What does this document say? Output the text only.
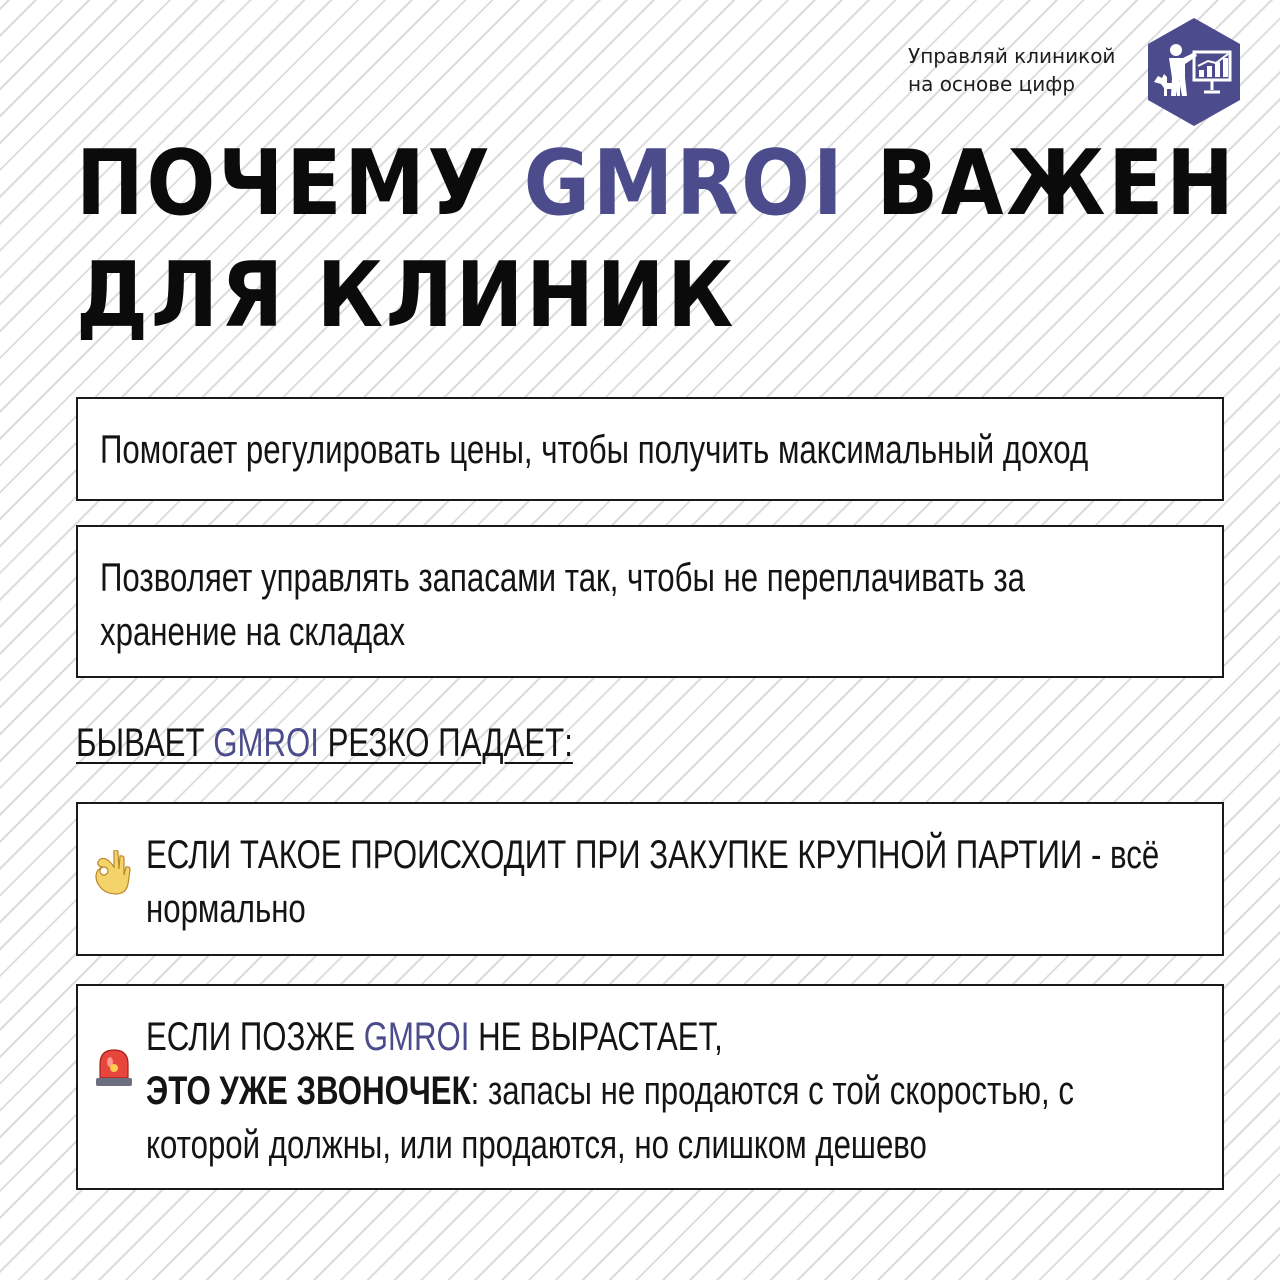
Управляй клиникой
на основе цифр
ПОЧЕМУ GMROI ВАЖЕН
ДЛЯ КЛИНИК

Помогает регулировать цены, чтобы получить максимальный доход

Позволяет управлять запасами так, чтобы не переплачивать за
хранение на складах

БЫВАЕТ GMROI РЕЗКО ПАДАЕТ:

ЕСЛИ ТАКОЕ ПРОИСХОДИТ ПРИ ЗАКУПКЕ КРУПНОЙ ПАРТИИ - всё
нормально

ЕСЛИ ПОЗЖЕ GMROI НЕ ВЫРАСТАЕТ,
ЭТО УЖЕ ЗВОНОЧЕК: запасы не продаются с той скоростью, с
которой должны, или продаются, но слишком дешево
